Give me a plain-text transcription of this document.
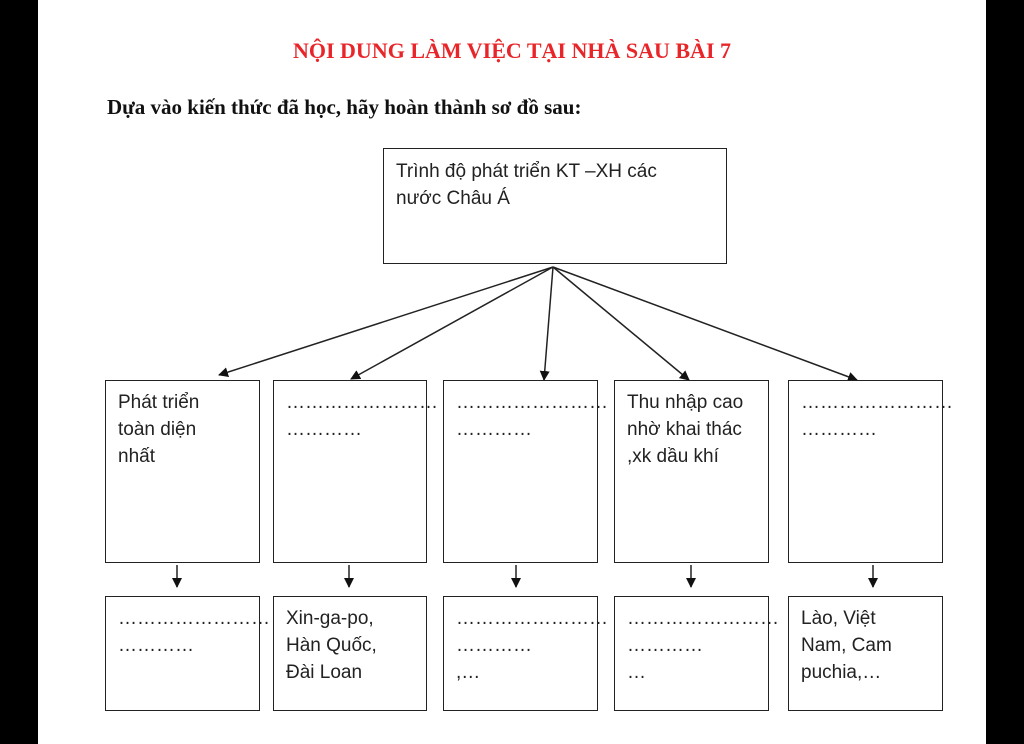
NỘI DUNG LÀM VIỆC TẠI NHÀ SAU BÀI 7
Dựa vào kiến thức đã học, hãy hoàn thành sơ đồ sau:
Trình độ phát triển KT –XH các
nước Châu Á
Phát triển
toàn diện
nhất
……………………
…………
……………………
…………
Thu nhập cao
nhờ khai thác
,xk dầu khí
……………………
…………
……………………
…………
Xin-ga-po,
Hàn Quốc,
Đài Loan
……………………
…………
,…
……………………
…………
…
Lào, Việt
Nam, Cam
puchia,…
